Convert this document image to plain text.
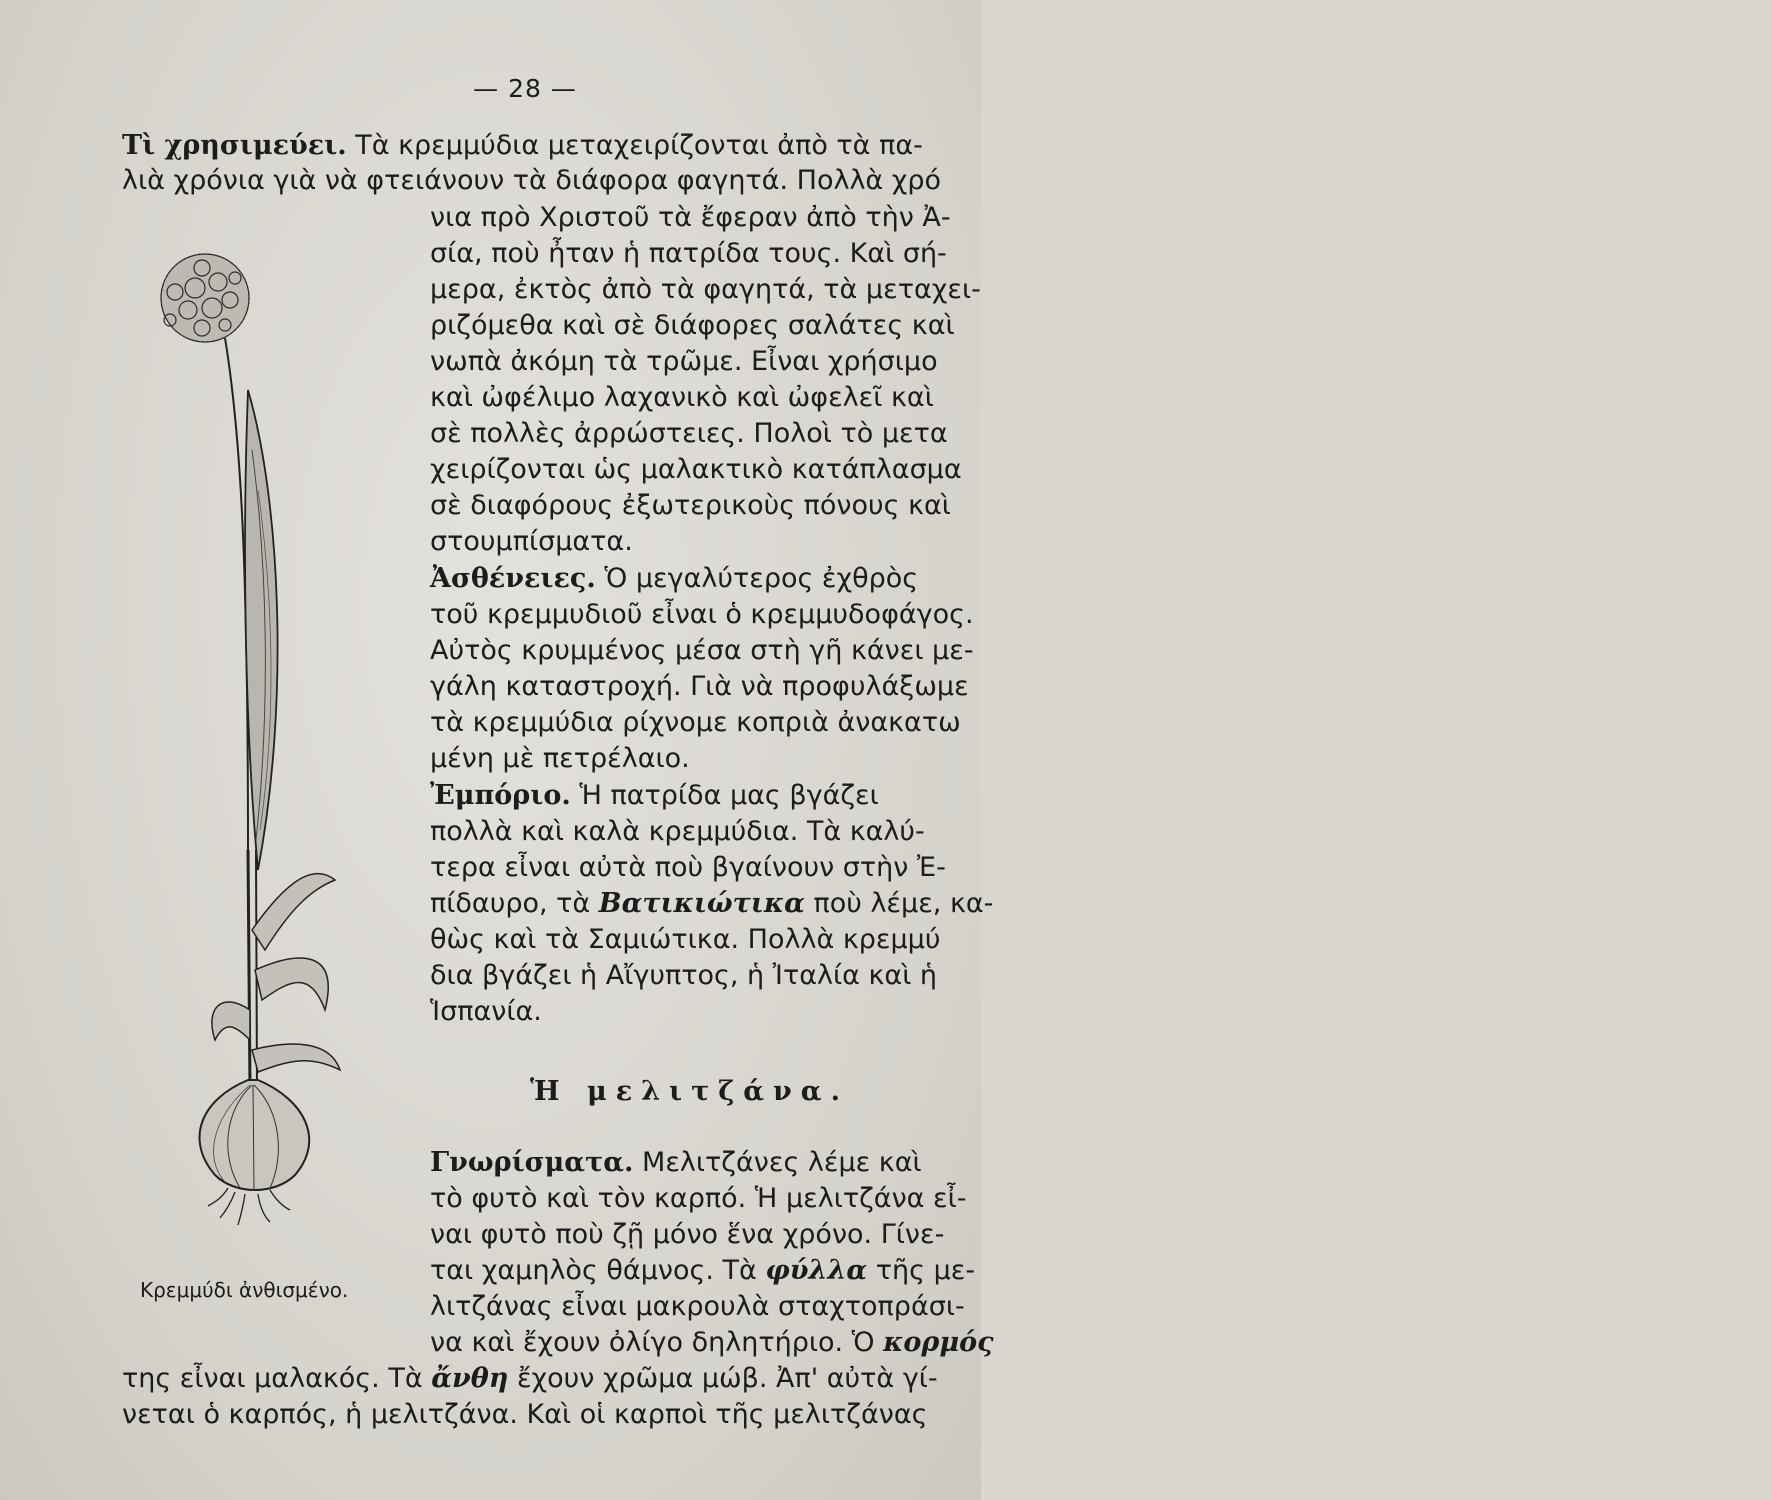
— 28 —
Τὶ χρησιμεύει. Τὰ κρεμμύδια μεταχειρίζονται ἀπὸ τὰ πα-
λιὰ χρόνια γιὰ νὰ φτειάνουν τὰ διάφορα φαγητά. Πολλὰ χρό
νια πρὸ Χριστοῦ τὰ ἔφεραν ἀπὸ τὴν Ἀ-
σία, ποὺ ἦταν ἡ πατρίδα τους. Καὶ σή-
μερα, ἐκτὸς ἀπὸ τὰ φαγητά, τὰ μεταχει-
ριζόμεθα καὶ σὲ διάφορες σαλάτες καὶ
νωπὰ ἀκόμη τὰ τρῶμε. Εἶναι χρήσιμο
καὶ ὠφέλιμο λαχανικὸ καὶ ὠφελεῖ καὶ
σὲ πολλὲς ἀρρώστειες. Πολοὶ τὸ μετα
χειρίζονται ὡς μαλακτικὸ κατάπλασμα
σὲ διαφόρους ἐξωτερικοὺς πόνους καὶ
στουμπίσματα.
Ἀσθένειες. Ὁ μεγαλύτερος ἐχθρὸς
τοῦ κρεμμυδιοῦ εἶναι ὁ κρεμμυδοφάγος.
Αὐτὸς κρυμμένος μέσα στὴ γῆ κάνει με-
γάλη καταστροχή. Γιὰ νὰ προφυλάξωμε
τὰ κρεμμύδια ρίχνομε κοπριὰ ἀνακατω
μένη μὲ πετρέλαιο.
Ἐμπόριο. Ἡ πατρίδα μας βγάζει
πολλὰ καὶ καλὰ κρεμμύδια. Τὰ καλύ-
τερα εἶναι αὐτὰ ποὺ βγαίνουν στὴν Ἐ-
πίδαυρο, τὰ Βατικιώτικα ποὺ λέμε, κα-
θὼς καὶ τὰ Σαμιώτικα. Πολλὰ κρεμμύ
δια βγάζει ἡ Αἴγυπτος, ἡ Ἰταλία καὶ ἡ
Ἱσπανία.
Ἡ μελιτζάνα.
Γνωρίσματα. Μελιτζάνες λέμε καὶ
τὸ φυτὸ καὶ τὸν καρπό. Ἡ μελιτζάνα εἶ-
ναι φυτὸ ποὺ ζῇ μόνο ἕνα χρόνο. Γίνε-
ται χαμηλὸς θάμνος. Τὰ φύλλα τῆς με-
λιτζάνας εἶναι μακρουλὰ σταχτοπράσι-
να καὶ ἔχουν ὀλίγο δηλητήριο. Ὁ κορμός
της εἶναι μαλακός. Τὰ ἄνθη ἔχουν χρῶμα μώβ. Ἀπ' αὐτὰ γί-
νεται ὁ καρπός, ἡ μελιτζάνα. Καὶ οἱ καρποὶ τῆς μελιτζάνας
Κρεμμύδι ἀνθισμένο.
